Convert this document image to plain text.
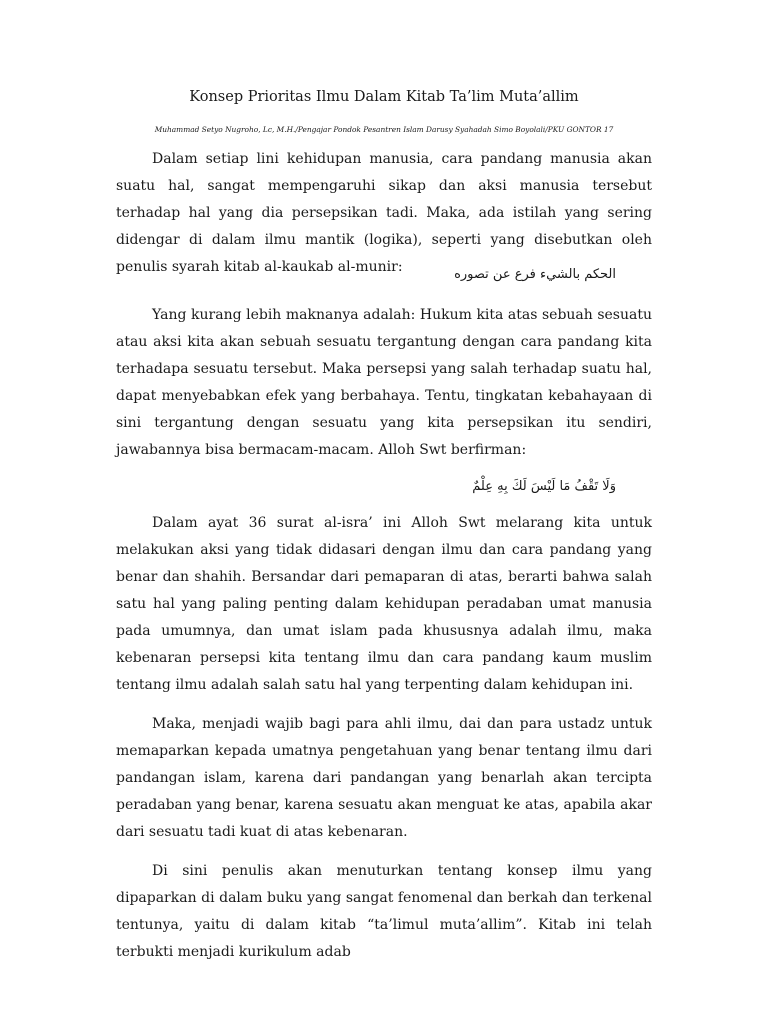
Konsep Prioritas Ilmu Dalam Kitab Ta’lim Muta’allim
Muhammad Setyo Nugroho, Lc, M.H./Pengajar Pondok Pesantren Islam Darusy Syahadah Simo Boyolali/PKU GONTOR 17

Dalam setiap lini kehidupan manusia, cara pandang manusia akan suatu hal, sangat mempengaruhi sikap dan aksi manusia tersebut terhadap hal yang dia persepsikan tadi. Maka, ada istilah yang sering didengar di dalam ilmu mantik (logika), seperti yang disebutkan oleh penulis syarah kitab al-kaukab al-munir:	الحكم بالشيء فرع عن تصوره

Yang kurang lebih maknanya adalah: Hukum kita atas sebuah sesuatu atau aksi kita akan sebuah sesuatu tergantung dengan cara pandang kita terhadapa sesuatu tersebut. Maka persepsi yang salah terhadap suatu hal, dapat menyebabkan efek yang berbahaya. Tentu, tingkatan kebahayaan di sini tergantung dengan sesuatu yang kita persepsikan itu sendiri, jawabannya bisa bermacam-macam. Alloh Swt berfirman:

وَلَا تَقْفُ مَا لَيْسَ لَكَ بِهِ عِلْمٌ

Dalam ayat 36 surat al-isra’ ini Alloh Swt melarang kita untuk melakukan aksi yang tidak didasari dengan ilmu dan cara pandang yang benar dan shahih. Bersandar dari pemaparan di atas, berarti bahwa salah satu hal yang paling penting dalam kehidupan peradaban umat manusia pada umumnya, dan umat islam pada khususnya adalah ilmu, maka kebenaran persepsi kita tentang ilmu dan cara pandang kaum muslim tentang ilmu adalah salah satu hal yang terpenting dalam kehidupan ini.

Maka, menjadi wajib bagi para ahli ilmu, dai dan para ustadz untuk memaparkan kepada umatnya pengetahuan yang benar tentang ilmu dari pandangan islam, karena dari pandangan yang benarlah akan tercipta peradaban yang benar, karena sesuatu akan menguat ke atas, apabila akar dari sesuatu tadi kuat di atas kebenaran.

Di sini penulis akan menuturkan tentang konsep ilmu yang dipaparkan di dalam buku yang sangat fenomenal dan berkah dan terkenal tentunya, yaitu di dalam kitab “ta’limul muta’allim”. Kitab ini telah terbukti menjadi kurikulum adab
